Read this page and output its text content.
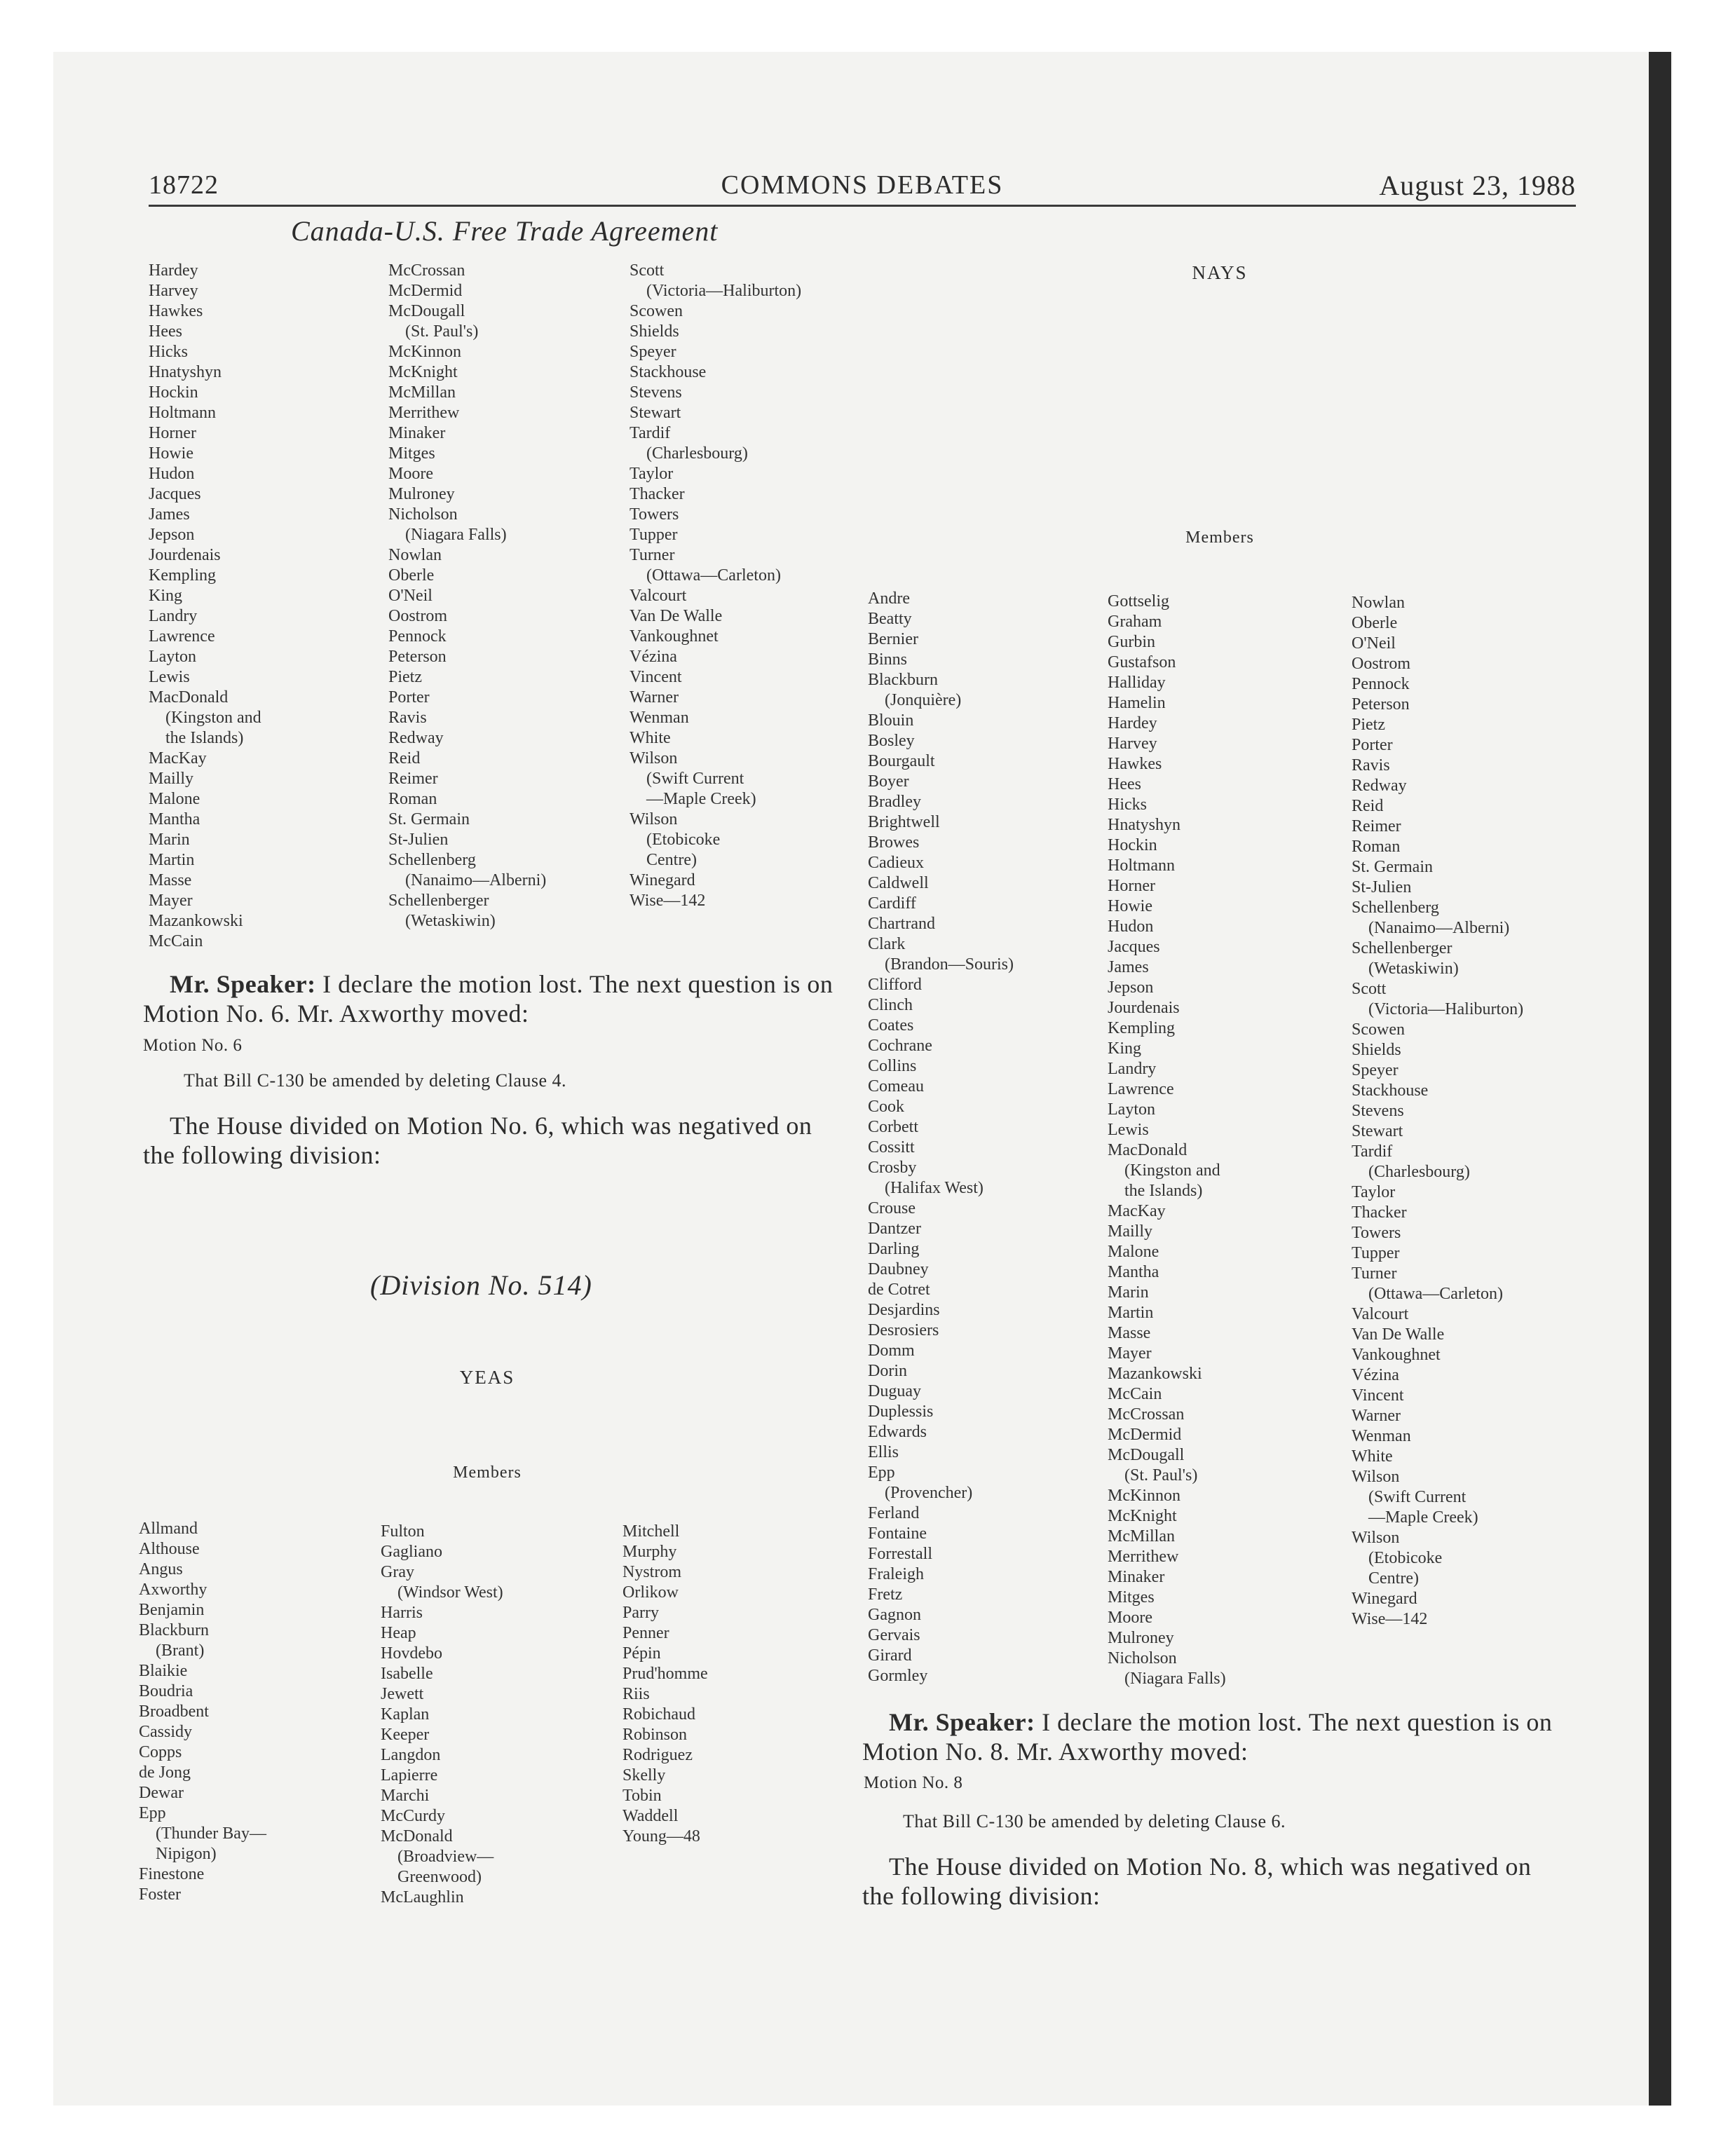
18722	COMMONS DEBATES	August 23, 1988
Canada-U.S. Free Trade Agreement
Hardey
Harvey
Hawkes
Hees
Hicks
Hnatyshyn
Hockin
Holtmann
Horner
Howie
Hudon
Jacques
James
Jepson
Jourdenais
Kempling
King
Landry
Lawrence
Layton
Lewis
MacDonald
(Kingston and
the Islands)
MacKay
Mailly
Malone
Mantha
Marin
Martin
Masse
Mayer
Mazankowski
McCain
McCrossan
McDermid
McDougall
(St. Paul's)
McKinnon
McKnight
McMillan
Merrithew
Minaker
Mitges
Moore
Mulroney
Nicholson
(Niagara Falls)
Nowlan
Oberle
O'Neil
Oostrom
Pennock
Peterson
Pietz
Porter
Ravis
Redway
Reid
Reimer
Roman
St. Germain
St-Julien
Schellenberg
(Nanaimo—Alberni)
Schellenberger
(Wetaskiwin)
Scott
(Victoria—Haliburton)
Scowen
Shields
Speyer
Stackhouse
Stevens
Stewart
Tardif
(Charlesbourg)
Taylor
Thacker
Towers
Tupper
Turner
(Ottawa—Carleton)
Valcourt
Van De Walle
Vankoughnet
Vézina
Vincent
Warner
Wenman
White
Wilson
(Swift Current
—Maple Creek)
Wilson
(Etobicoke
Centre)
Winegard
Wise—142
Mr. Speaker: I declare the motion lost. The next question is on Motion No. 6. Mr. Axworthy moved:
Motion No. 6
That Bill C-130 be amended by deleting Clause 4.
The House divided on Motion No. 6, which was negatived on the following division:
(Division No. 514)
YEAS
Members
Allmand
Althouse
Angus
Axworthy
Benjamin
Blackburn
(Brant)
Blaikie
Boudria
Broadbent
Cassidy
Copps
de Jong
Dewar
Epp
(Thunder Bay—
Nipigon)
Finestone
Foster
Fulton
Gagliano
Gray
(Windsor West)
Harris
Heap
Hovdebo
Isabelle
Jewett
Kaplan
Keeper
Langdon
Lapierre
Marchi
McCurdy
McDonald
(Broadview—
Greenwood)
McLaughlin
Mitchell
Murphy
Nystrom
Orlikow
Parry
Penner
Pépin
Prud'homme
Riis
Robichaud
Robinson
Rodriguez
Skelly
Tobin
Waddell
Young—48
NAYS
Members
Andre
Beatty
Bernier
Binns
Blackburn
(Jonquière)
Blouin
Bosley
Bourgault
Boyer
Bradley
Brightwell
Browes
Cadieux
Caldwell
Cardiff
Chartrand
Clark
(Brandon—Souris)
Clifford
Clinch
Coates
Cochrane
Collins
Comeau
Cook
Corbett
Cossitt
Crosby
(Halifax West)
Crouse
Dantzer
Darling
Daubney
de Cotret
Desjardins
Desrosiers
Domm
Dorin
Duguay
Duplessis
Edwards
Ellis
Epp
(Provencher)
Ferland
Fontaine
Forrestall
Fraleigh
Fretz
Gagnon
Gervais
Girard
Gormley
Gottselig
Graham
Gurbin
Gustafson
Halliday
Hamelin
Hardey
Harvey
Hawkes
Hees
Hicks
Hnatyshyn
Hockin
Holtmann
Horner
Howie
Hudon
Jacques
James
Jepson
Jourdenais
Kempling
King
Landry
Lawrence
Layton
Lewis
MacDonald
(Kingston and
the Islands)
MacKay
Mailly
Malone
Mantha
Marin
Martin
Masse
Mayer
Mazankowski
McCain
McCrossan
McDermid
McDougall
(St. Paul's)
McKinnon
McKnight
McMillan
Merrithew
Minaker
Mitges
Moore
Mulroney
Nicholson
(Niagara Falls)
Nowlan
Oberle
O'Neil
Oostrom
Pennock
Peterson
Pietz
Porter
Ravis
Redway
Reid
Reimer
Roman
St. Germain
St-Julien
Schellenberg
(Nanaimo—Alberni)
Schellenberger
(Wetaskiwin)
Scott
(Victoria—Haliburton)
Scowen
Shields
Speyer
Stackhouse
Stevens
Stewart
Tardif
(Charlesbourg)
Taylor
Thacker
Towers
Tupper
Turner
(Ottawa—Carleton)
Valcourt
Van De Walle
Vankoughnet
Vézina
Vincent
Warner
Wenman
White
Wilson
(Swift Current
—Maple Creek)
Wilson
(Etobicoke
Centre)
Winegard
Wise—142
Mr. Speaker: I declare the motion lost. The next question is on Motion No. 8. Mr. Axworthy moved:
Motion No. 8
That Bill C-130 be amended by deleting Clause 6.
The House divided on Motion No. 8, which was negatived on the following division:
